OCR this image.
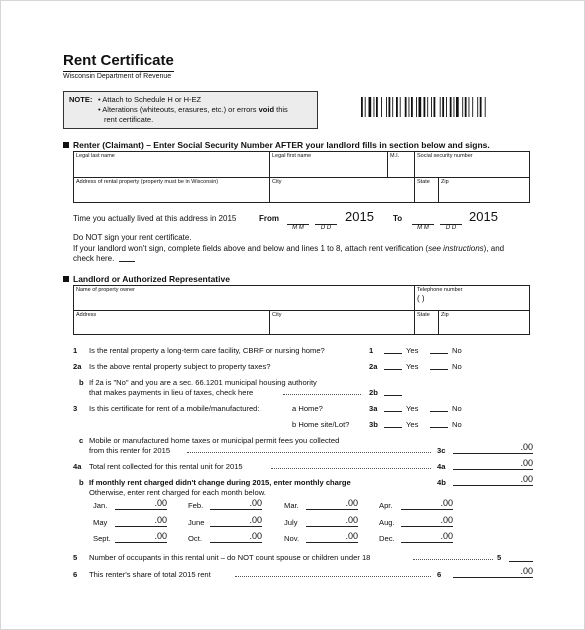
Rent Certificate
Wisconsin Department of Revenue
NOTE: • Attach to Schedule H or H-EZ
• Alterations (whiteouts, erasures, etc.) or errors void this
rent certificate.
Renter (Claimant) – Enter Social Security Number AFTER your landlord fills in section below and signs.
Legal last name	Legal first name	M.I.	Social security number
Address of rental property (property must be in Wisconsin)	City	State	Zip
Time you actually lived at this address in 2015	From
M M	D D
2015 To
M M	D D
2015
Do NOT sign your rent certificate.
If your landlord won't sign, complete fields above and below and lines 1 to 8, attach rent verification (see instructions), and
check here.
Landlord or Authorized Representative
Name of property owner	Telephone number
( )
Address	City	State	Zip
1 Is the rental property a long-term care facility, CBRF or nursing home?	1	Yes	No
2a Is the above rental property subject to property taxes?	2a	Yes	No
b If 2a is "No" and you are a sec. 66.1201 municipal housing authority
that makes payments in lieu of taxes, check here	2b
3 Is this certificate for rent of a mobile/manufactured:	a Home?	3a	Yes	No
b Home site/Lot?	3b	Yes	No
c Mobile or manufactured home taxes or municipal permit fees you collected
from this renter for 2015	3c	.00
4a Total rent collected for this rental unit for 2015	4a	.00
b If monthly rent charged didn't change during 2015, enter monthly charge
Otherwise, enter rent charged for each month below.
4b	.00
Jan.	.00	Feb.	.00	Mar.	.00	Apr.	.00
May	.00	June	.00	July	.00	Aug.	.00
Sept.	.00	Oct.	.00	Nov.	.00	Dec.	.00
5 Number of occupants in this rental unit – do NOT count spouse or children under 18	5
6 This renter's share of total 2015 rent	6	.00
